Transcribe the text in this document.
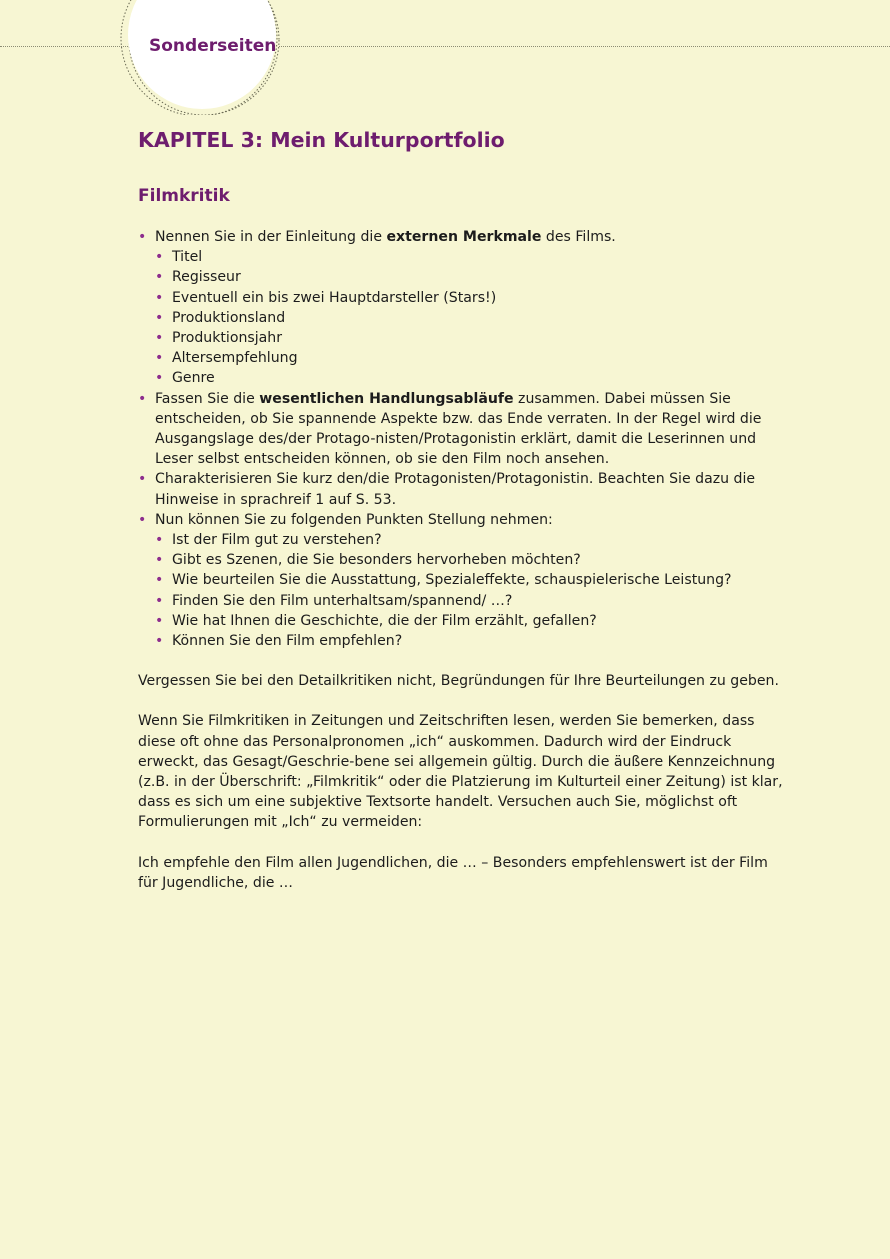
Sonderseiten
KAPITEL 3: Mein Kulturportfolio
Filmkritik
• Nennen Sie in der Einleitung die externen Merkmale des Films.
• Titel
• Regisseur
• Eventuell ein bis zwei Hauptdarsteller (Stars!)
• Produktionsland
• Produktionsjahr
• Altersempfehlung
• Genre
• Fassen Sie die wesentlichen Handlungsabläufe zusammen. Dabei müssen Sie entscheiden, ob Sie spannende Aspekte bzw. das Ende verraten. In der Regel wird die Ausgangslage des/der Protago-nisten/Protagonistin erklärt, damit die Leserinnen und Leser selbst entscheiden können, ob sie den Film noch ansehen.
• Charakterisieren Sie kurz den/die Protagonisten/Protagonistin. Beachten Sie dazu die Hinweise in sprachreif 1 auf S. 53.
• Nun können Sie zu folgenden Punkten Stellung nehmen:
• Ist der Film gut zu verstehen?
• Gibt es Szenen, die Sie besonders hervorheben möchten?
• Wie beurteilen Sie die Ausstattung, Spezialeffekte, schauspielerische Leistung?
• Finden Sie den Film unterhaltsam/spannend/ …?
• Wie hat Ihnen die Geschichte, die der Film erzählt, gefallen?
• Können Sie den Film empfehlen?

Vergessen Sie bei den Detailkritiken nicht, Begründungen für Ihre Beurteilungen zu geben.

Wenn Sie Filmkritiken in Zeitungen und Zeitschriften lesen, werden Sie bemerken, dass diese oft ohne das Personalpronomen „ich“ auskommen. Dadurch wird der Eindruck erweckt, das Gesagt/Geschrie-bene sei allgemein gültig. Durch die äußere Kennzeichnung (z.B. in der Überschrift: „Filmkritik“ oder die Platzierung im Kulturteil einer Zeitung) ist klar, dass es sich um eine subjektive Textsorte handelt. Versuchen auch Sie, möglichst oft Formulierungen mit „Ich“ zu vermeiden:

Ich empfehle den Film allen Jugendlichen, die … – Besonders empfehlenswert ist der Film für Jugendliche, die …
